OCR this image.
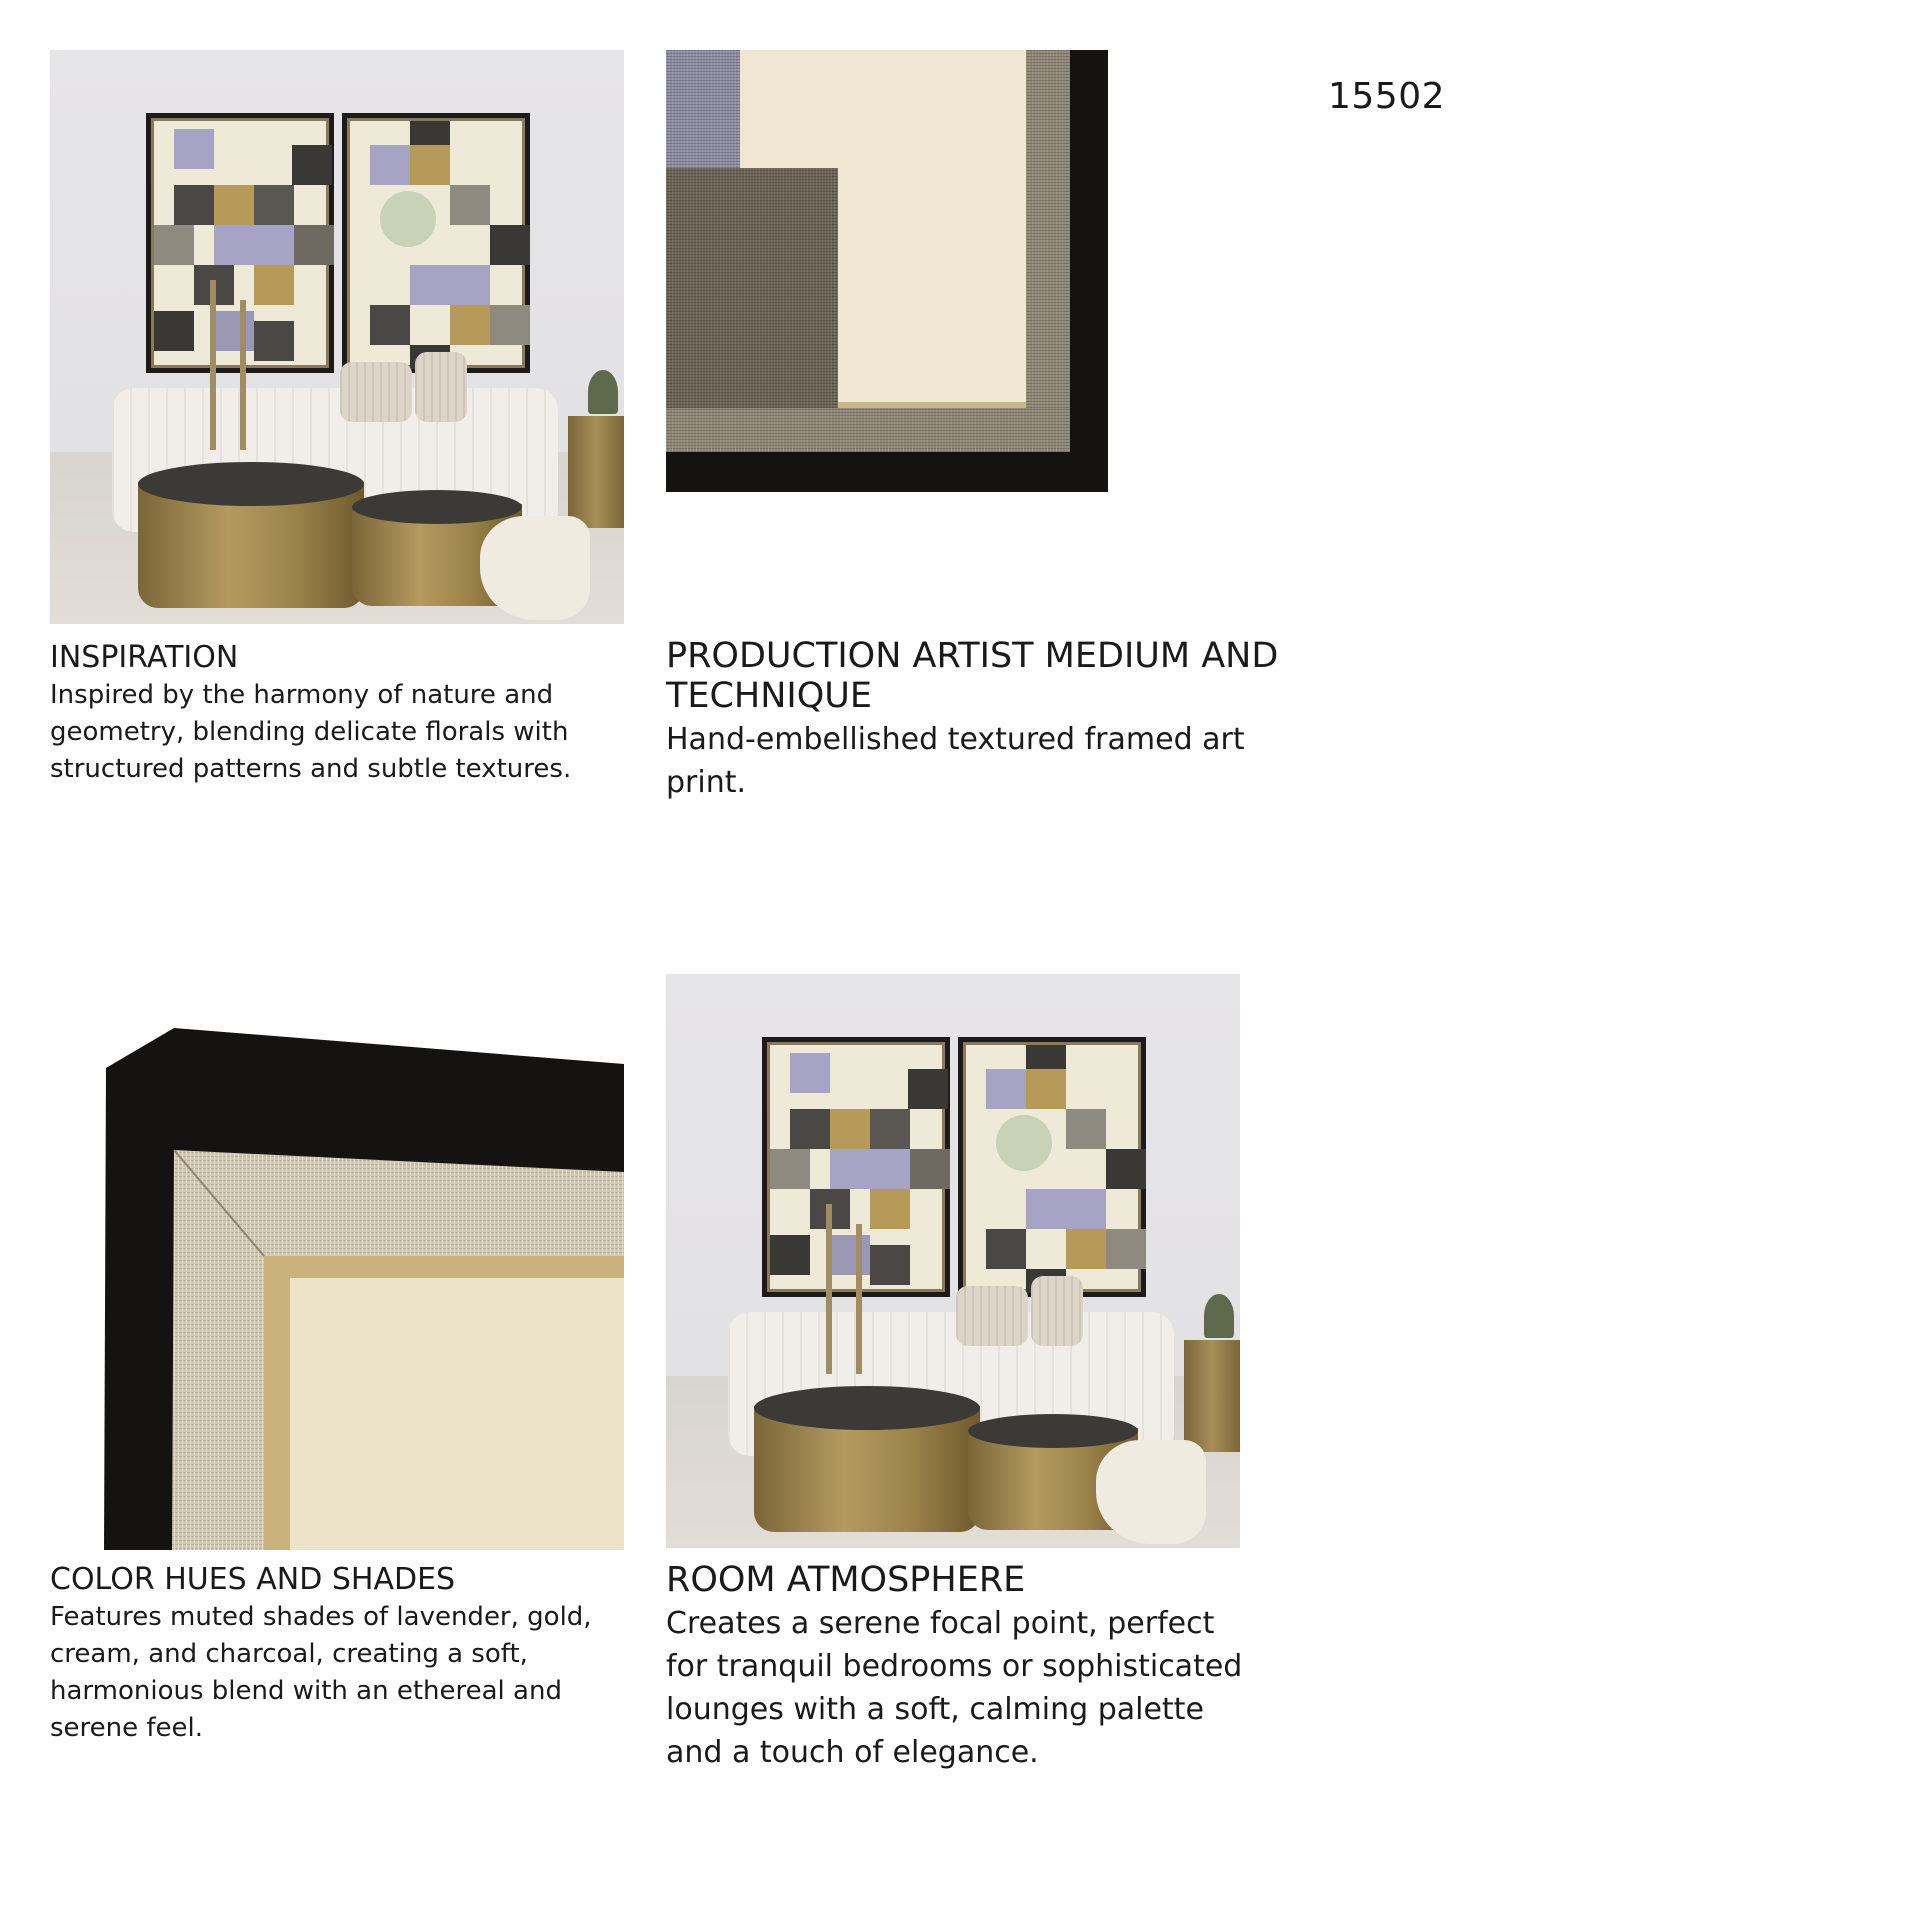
15502
INSPIRATION
Inspired by the harmony of nature and geometry, blending delicate florals with structured patterns and subtle textures.
PRODUCTION ARTIST MEDIUM AND TECHNIQUE
Hand-embellished textured framed art print.
COLOR HUES AND SHADES
Features muted shades of lavender, gold, cream, and charcoal, creating a soft, harmonious blend with an ethereal and serene feel.
ROOM ATMOSPHERE
Creates a serene focal point, perfect for tranquil bedrooms or sophisticated lounges with a soft, calming palette and a touch of elegance.
